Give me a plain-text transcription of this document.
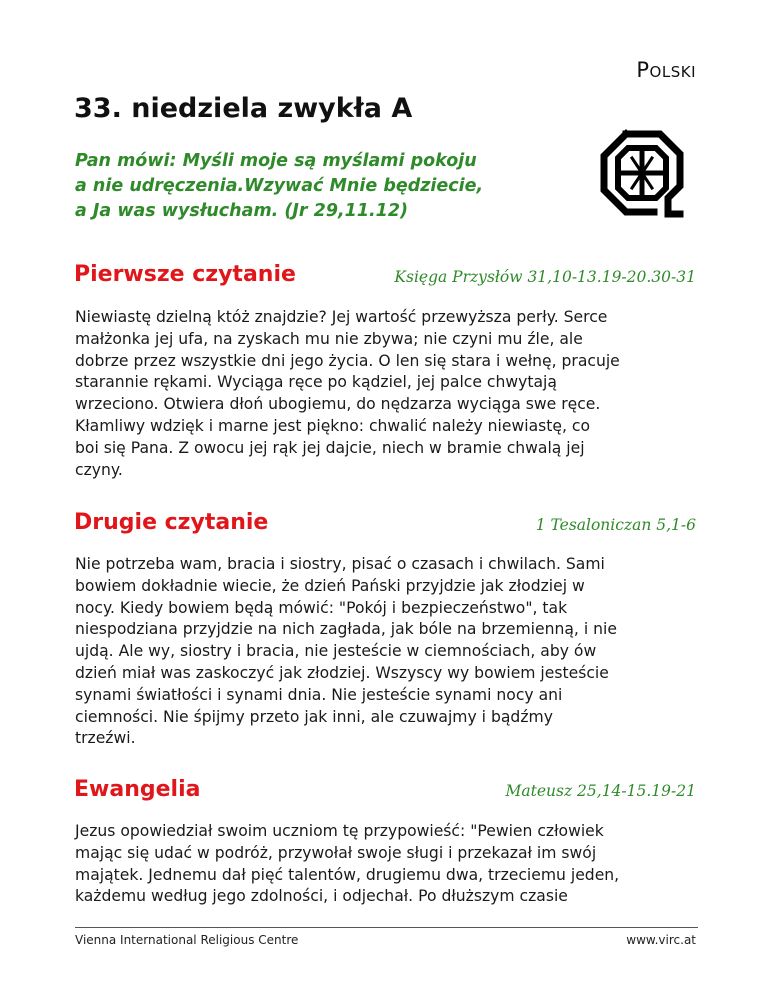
Polski
33. niedziela zwykła A
Pan mówi: Myśli moje są myślami pokoju
a nie udręczenia.Wzywać Mnie będziecie,
a Ja was wysłucham. (Jr 29,11.12)
Pierwsze czytanie	Księga Przysłów 31,10-13.19-20.30-31
Niewiastę dzielną któż znajdzie? Jej wartość przewyższa perły. Serce
małżonka jej ufa, na zyskach mu nie zbywa; nie czyni mu źle, ale
dobrze przez wszystkie dni jego życia. O len się stara i wełnę, pracuje
starannie rękami. Wyciąga ręce po kądziel, jej palce chwytają
wrzeciono. Otwiera dłoń ubogiemu, do nędzarza wyciąga swe ręce.
Kłamliwy wdzięk i marne jest piękno: chwalić należy niewiastę, co
boi się Pana. Z owocu jej rąk jej dajcie, niech w bramie chwalą jej
czyny.
Drugie czytanie	1 Tesaloniczan 5,1-6
Nie potrzeba wam, bracia i siostry, pisać o czasach i chwilach. Sami
bowiem dokładnie wiecie, że dzień Pański przyjdzie jak złodziej w
nocy. Kiedy bowiem będą mówić: "Pokój i bezpieczeństwo", tak
niespodziana przyjdzie na nich zagłada, jak bóle na brzemienną, i nie
ujdą. Ale wy, siostry i bracia, nie jesteście w ciemnościach, aby ów
dzień miał was zaskoczyć jak złodziej. Wszyscy wy bowiem jesteście
synami światłości i synami dnia. Nie jesteście synami nocy ani
ciemności. Nie śpijmy przeto jak inni, ale czuwajmy i bądźmy
trzeźwi.
Ewangelia	Mateusz 25,14-15.19-21
Jezus opowiedział swoim uczniom tę przypowieść: "Pewien człowiek
mając się udać w podróż, przywołał swoje sługi i przekazał im swój
majątek. Jednemu dał pięć talentów, drugiemu dwa, trzeciemu jeden,
każdemu według jego zdolności, i odjechał. Po dłuższym czasie
Vienna International Religious Centre	www.virc.at
